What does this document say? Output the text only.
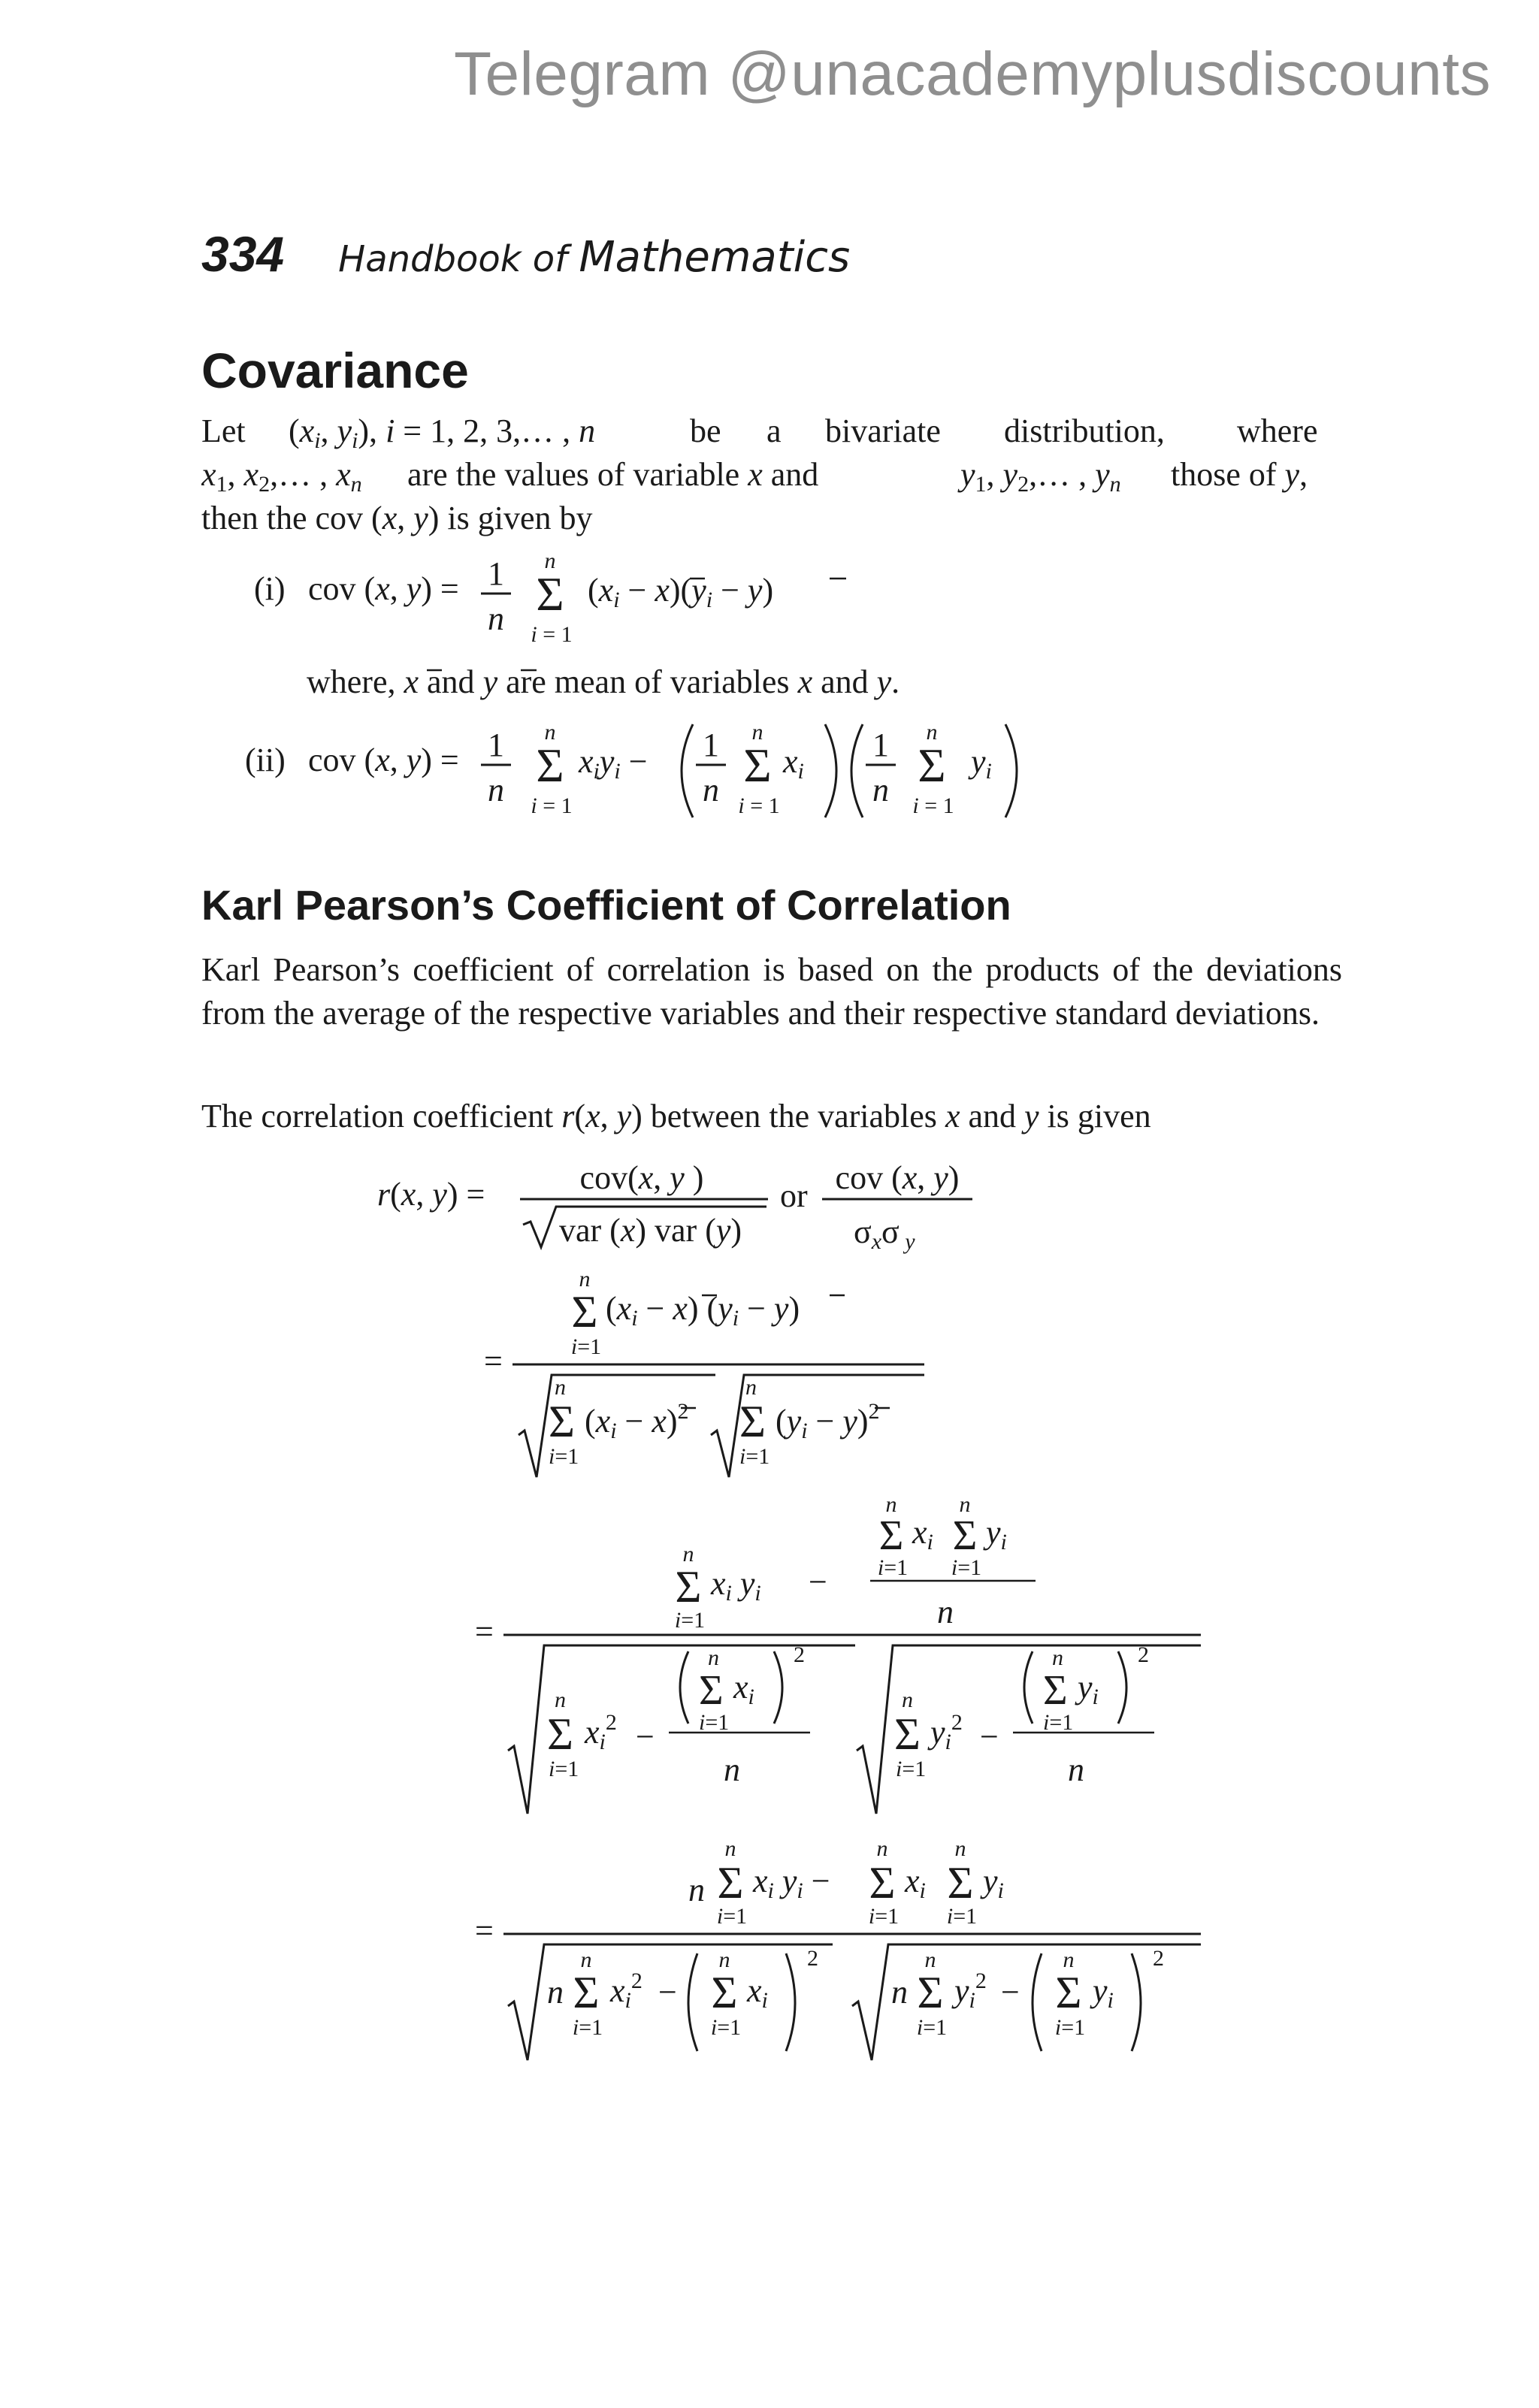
Telegram @unacademyplusdiscounts
334 Handbook of Mathematics
Covariance
Let (xi, yi), i = 1, 2, 3,… , n	be a bivariate distribution, where
x1, x2,… , xn are the values of variable x and	y1, y2,… , yn those of y,
then the cov (x, y) is given by
(i) cov (x, y) = 1
n
n
Σ
i = 1
(xi − x)(yi − y)
where, x and y are mean of variables x and y.
(ii) cov (x, y) = 1
n
n
Σ
i = 1
xiyi − 1
n
n
Σ
i = 1
xi
1
n
n
Σ
i = 1
yi
Karl Pearson’s Coefficient of Correlation
Karl Pearson’s coefficient of correlation is based on the products of the deviations from the average of the respective variables and their respective standard deviations.
The correlation coefficient r(x, y) between the variables x and y is given
r(x, y) =	cov(x, y )
var (x) var (y)
or cov (x, y)
σxσ y
n
Σ
i=1
(xi − x) (yi − y)
=
n
Σ
i=1
(xi − x)$^2$
n
Σ
i=1
(yi − y)$^2$
n
Σ
i=1
xi yi −
n
Σ
i=1
xi
n
Σ
i=1
yi
n
=
n
Σ
i=1
$xi^2$ −
n
Σ
i=1
xi
2
n
n
Σ
i=1
$yi^2$ −
n
Σ
i=1
yi
2
n
n
n
Σ
i=1
xi yi −
n
Σ
i=1
xi
n
Σ
i=1
yi
=
n
n
Σ
i=1
$xi^2$ −
n
Σ
i=1
xi
2
n
n
Σ
i=1
$yi^2$ −
n
Σ
i=1
yi
2
